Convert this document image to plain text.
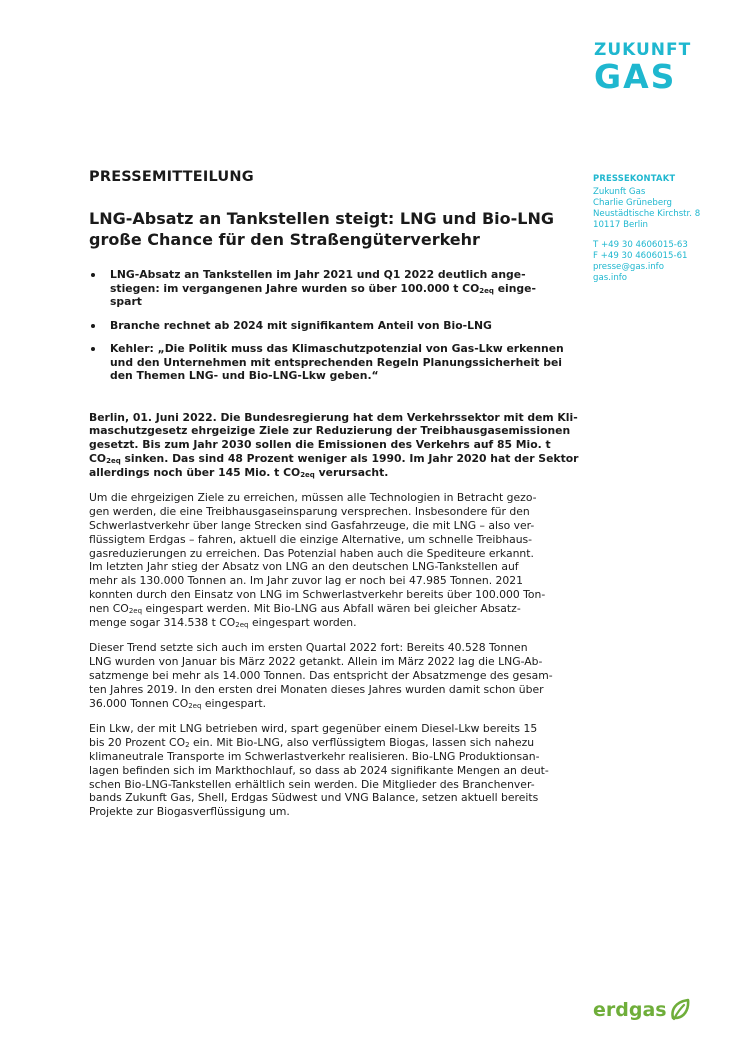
ZUKUNFT
GAS
PRESSEKONTAKT
Zukunft Gas
Charlie Grüneberg
Neustädtische Kirchstr. 8
10117 Berlin
T +49 30 4606015-63
F +49 30 4606015-61
presse@gas.info
gas.info
PRESSEMITTEILUNG
LNG-Absatz an Tankstellen steigt: LNG und Bio-LNG
große Chance für den Straßengüterverkehr
LNG-Absatz an Tankstellen im Jahr 2021 und Q1 2022 deutlich ange-
stiegen: im vergangenen Jahre wurden so über 100.000 t $CO_{2eq}$ einge-
spart
Branche rechnet ab 2024 mit signifikantem Anteil von Bio-LNG
Kehler: „Die Politik muss das Klimaschutzpotenzial von Gas-Lkw erkennen
und den Unternehmen mit entsprechenden Regeln Planungssicherheit bei
den Themen LNG- und Bio-LNG-Lkw geben.“
Berlin, 01. Juni 2022. Die Bundesregierung hat dem Verkehrssektor mit dem Kli-
maschutzgesetz ehrgeizige Ziele zur Reduzierung der Treibhausgasemissionen
gesetzt. Bis zum Jahr 2030 sollen die Emissionen des Verkehrs auf 85 Mio. t
$CO_{2eq}$ sinken. Das sind 48 Prozent weniger als 1990. Im Jahr 2020 hat der Sektor
allerdings noch über 145 Mio. t $CO_{2eq}$ verursacht.
Um die ehrgeizigen Ziele zu erreichen, müssen alle Technologien in Betracht gezo-
gen werden, die eine Treibhausgaseinsparung versprechen. Insbesondere für den
Schwerlastverkehr über lange Strecken sind Gasfahrzeuge, die mit LNG – also ver-
flüssigtem Erdgas – fahren, aktuell die einzige Alternative, um schnelle Treibhaus-
gasreduzierungen zu erreichen. Das Potenzial haben auch die Spediteure erkannt.
Im letzten Jahr stieg der Absatz von LNG an den deutschen LNG-Tankstellen auf
mehr als 130.000 Tonnen an. Im Jahr zuvor lag er noch bei 47.985 Tonnen. 2021
konnten durch den Einsatz von LNG im Schwerlastverkehr bereits über 100.000 Ton-
nen $CO_{2eq}$ eingespart werden. Mit Bio-LNG aus Abfall wären bei gleicher Absatz-
menge sogar 314.538 t $CO_{2eq}$ eingespart worden.
Dieser Trend setzte sich auch im ersten Quartal 2022 fort: Bereits 40.528 Tonnen
LNG wurden von Januar bis März 2022 getankt. Allein im März 2022 lag die LNG-Ab-
satzmenge bei mehr als 14.000 Tonnen. Das entspricht der Absatzmenge des gesam-
ten Jahres 2019. In den ersten drei Monaten dieses Jahres wurden damit schon über
36.000 Tonnen $CO_{2eq}$ eingespart.
Ein Lkw, der mit LNG betrieben wird, spart gegenüber einem Diesel-Lkw bereits 15
bis 20 Prozent $CO_2$ ein. Mit Bio-LNG, also verflüssigtem Biogas, lassen sich nahezu
klimaneutrale Transporte im Schwerlastverkehr realisieren. Bio-LNG Produktionsan-
lagen befinden sich im Markthochlauf, so dass ab 2024 signifikante Mengen an deut-
schen Bio-LNG-Tankstellen erhältlich sein werden. Die Mitglieder des Branchenver-
bands Zukunft Gas, Shell, Erdgas Südwest und VNG Balance, setzen aktuell bereits
Projekte zur Biogasverflüssigung um.
erdgas
